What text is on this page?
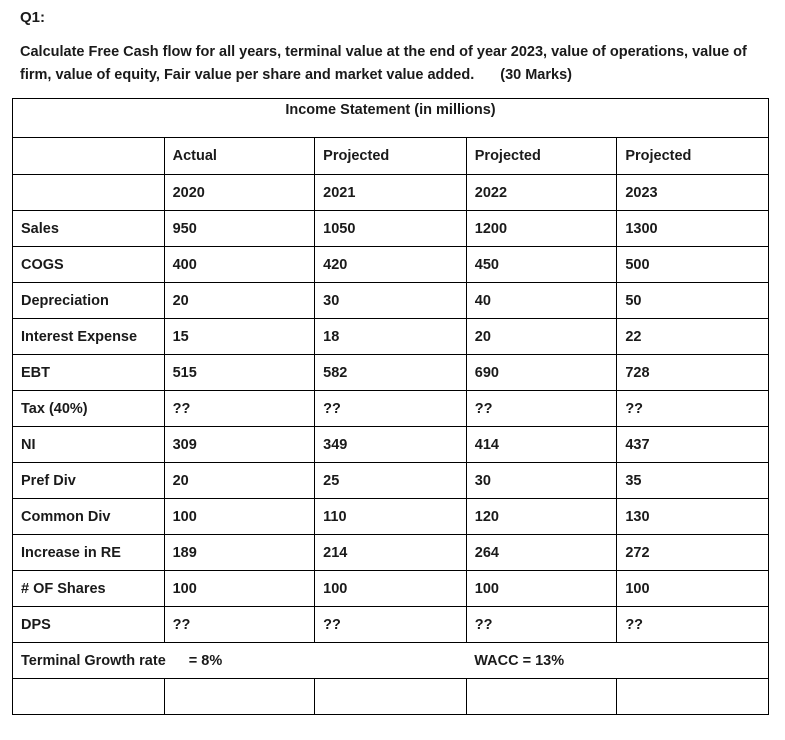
Q1:
Calculate Free Cash flow for all years, terminal value at the end of year 2023, value of operations, value of firm, value of equity, Fair value per share and market value added. (30 Marks)
Income Statement (in millions)				
	Actual	Projected	Projected	Projected
	2020	2021	2022	2023
Sales	950	1050	1200	1300
COGS	400	420	450	500
Depreciation	20	30	40	50
Interest Expense	15	18	20	22
EBT	515	582	690	728
Tax (40%)	??	??	??	??
NI	309	349	414	437
Pref Div	20	25	30	35
Common Div	100	110	120	130
Increase in RE	189	214	264	272
# OF Shares	100	100	100	100
DPS	??	??	??	??
Terminal Growth rate = 8%			WACC = 13%	
